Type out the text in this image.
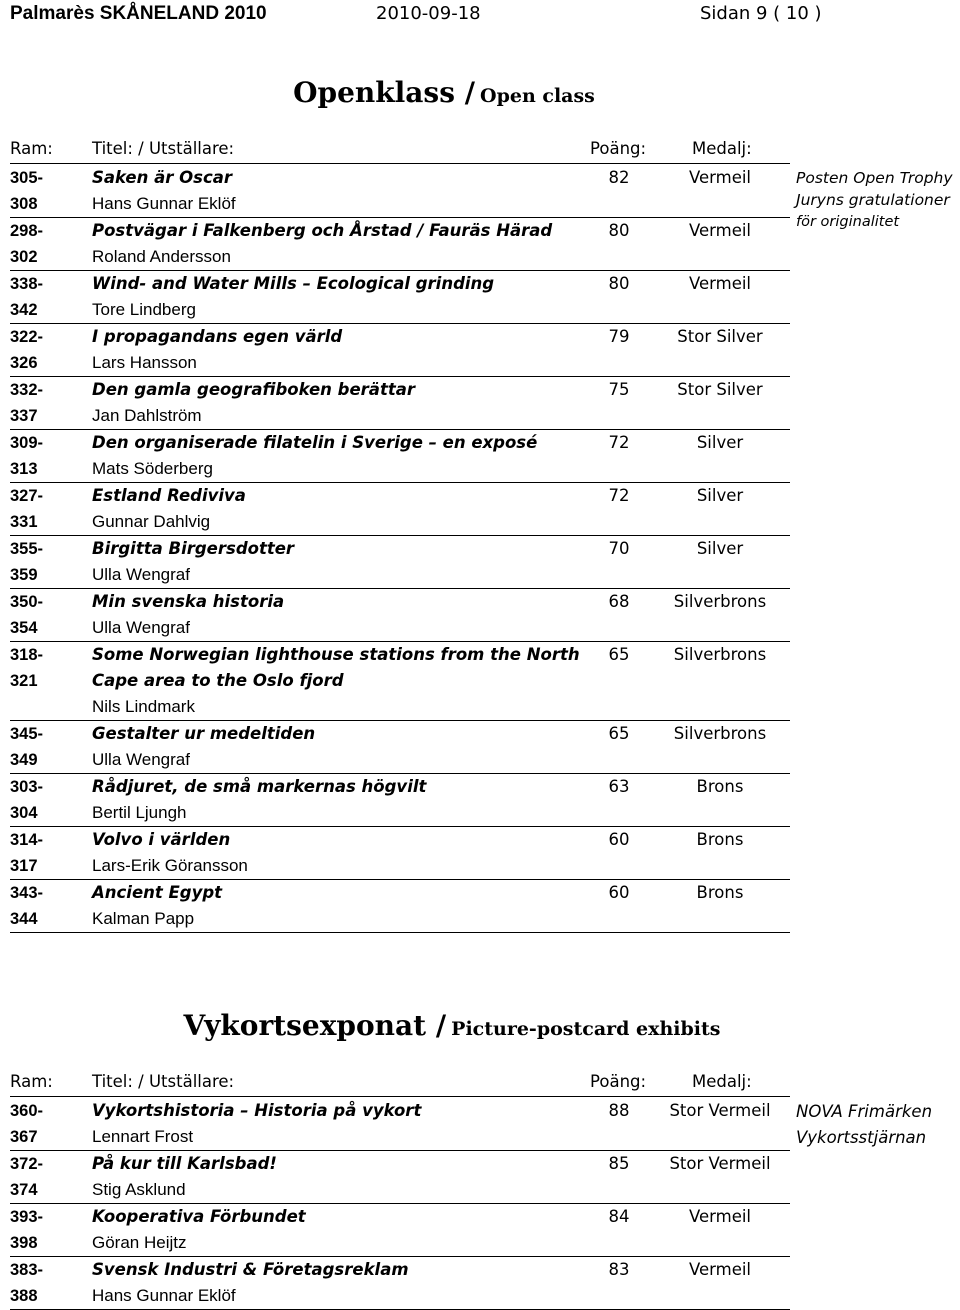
Palmarès SKÅNELAND 2010	2010-09-18	Sidan 9 ( 10 )
Openklass / Open class
Ram: Titel: / Utställare:	Poäng:	Medalj:
305-	Saken är Oscar	82	Vermeil
308	Hans Gunnar Eklöf		
298-	Postvägar i Falkenberg och Årstad / Fauräs Härad	80	Vermeil
302	Roland Andersson		
338-	Wind- and Water Mills – Ecological grinding	80	Vermeil
342	Tore Lindberg		
322-	I propagandans egen värld	79	Stor Silver
326	Lars Hansson		
332-	Den gamla geografiboken berättar	75	Stor Silver
337	Jan Dahlström		
309-	Den organiserade filatelin i Sverige – en exposé	72	Silver
313	Mats Söderberg		
327-	Estland Rediviva	72	Silver
331	Gunnar Dahlvig		
355-	Birgitta Birgersdotter	70	Silver
359	Ulla Wengraf		
350-	Min svenska historia	68	Silverbrons
354	Ulla Wengraf		
318-	Some Norwegian lighthouse stations from the North	65	Silverbrons
321	Cape area to the Oslo fjord		
	Nils Lindmark		
345-	Gestalter ur medeltiden	65	Silverbrons
349	Ulla Wengraf		
303-	Rådjuret, de små markernas högvilt	63	Brons
304	Bertil Ljungh		
314-	Volvo i världen	60	Brons
317	Lars-Erik Göransson		
343-	Ancient Egypt	60	Brons
344	Kalman Papp		
Posten Open Trophy
Juryns gratulationer
för originalitet
Vykortsexponat / Picture-postcard exhibits
Ram: Titel: / Utställare:	Poäng:	Medalj:
360-	Vykortshistoria – Historia på vykort	88	Stor Vermeil
367	Lennart Frost		
372-	På kur till Karlsbad!	85	Stor Vermeil
374	Stig Asklund		
393-	Kooperativa Förbundet	84	Vermeil
398	Göran Heijtz		
383-	Svensk Industri & Företagsreklam	83	Vermeil
388	Hans Gunnar Eklöf		
NOVA Frimärken
Vykortsstjärnan
